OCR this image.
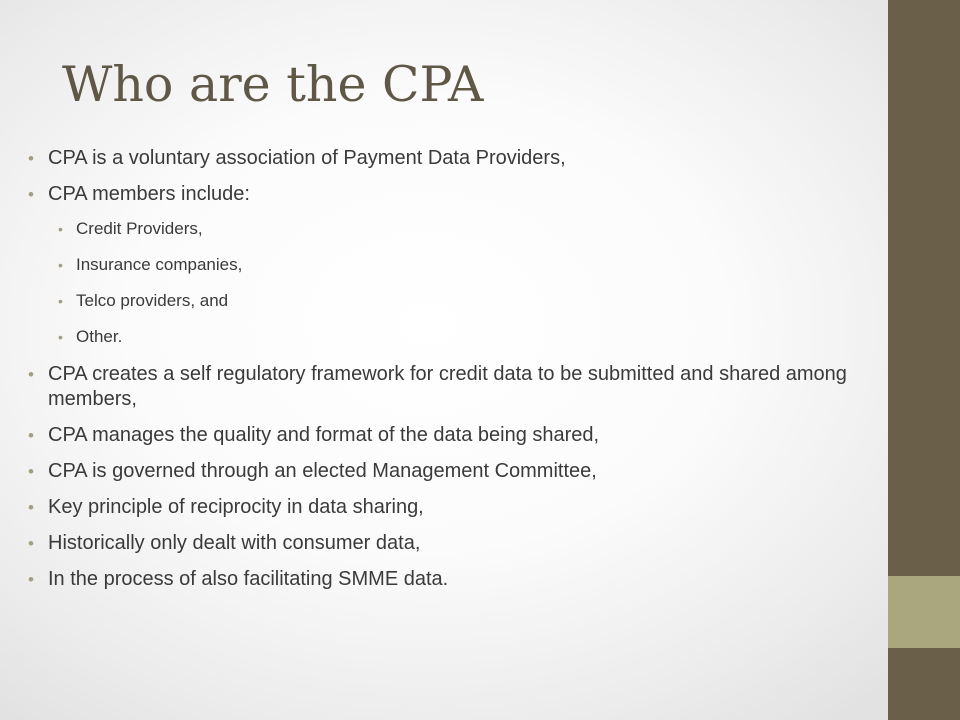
Who are the CPA
• CPA is a voluntary association of Payment Data Providers,
• CPA members include:
• Credit Providers,
• Insurance companies,
• Telco providers, and
• Other.
• CPA creates a self regulatory framework for credit data to be submitted and shared among members,
• CPA manages the quality and format of the data being shared,
• CPA is governed through an elected Management Committee,
• Key principle of reciprocity in data sharing,
• Historically only dealt with consumer data,
• In the process of also facilitating SMME data.
